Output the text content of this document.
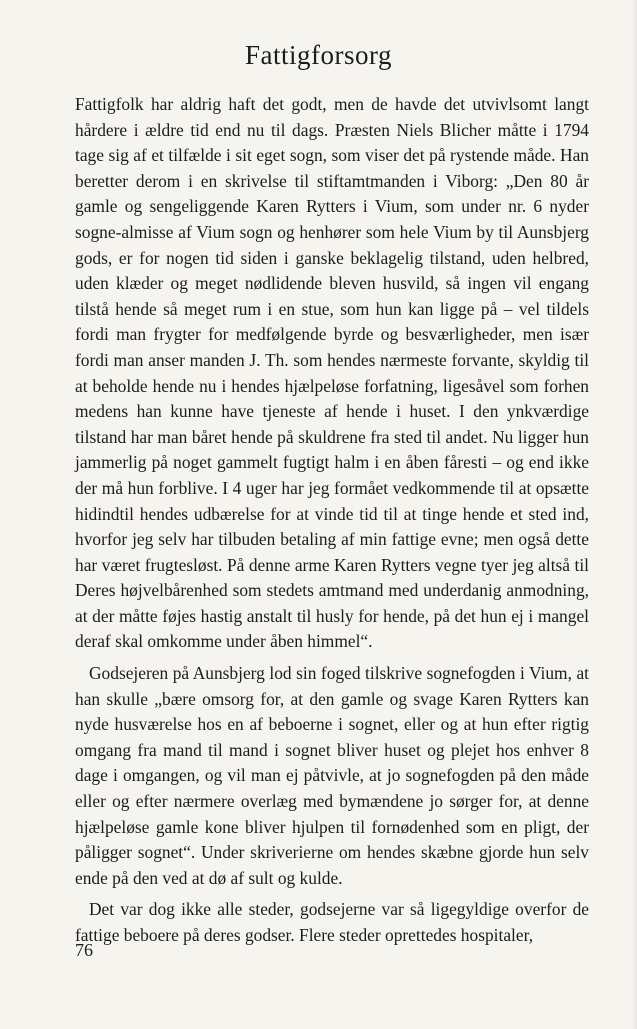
Fattigforsorg

Fattigfolk har aldrig haft det godt, men de havde det utvivlsomt langt hårdere i ældre tid end nu til dags. Præsten Niels Blicher måtte i 1794 tage sig af et tilfælde i sit eget sogn, som viser det på rystende måde. Han beretter derom i en skrivelse til stiftamtmanden i Viborg: „Den 80 år gamle og sengeliggende Karen Rytters i Vium, som under nr. 6 nyder sogne-almisse af Vium sogn og henhører som hele Vium by til Aunsbjerg gods, er for nogen tid siden i ganske beklagelig tilstand, uden helbred, uden klæder og meget nødlidende bleven husvild, så ingen vil engang tilstå hende så meget rum i en stue, som hun kan ligge på – vel tildels fordi man frygter for medfølgende byrde og besværligheder, men især fordi man anser manden J. Th. som hendes nærmeste forvante, skyldig til at beholde hende nu i hendes hjælpeløse forfatning, ligesåvel som forhen medens han kunne have tjeneste af hende i huset. I den ynkværdige tilstand har man båret hende på skuldrene fra sted til andet. Nu ligger hun jammerlig på noget gammelt fugtigt halm i en åben fåresti – og end ikke der må hun forblive. I 4 uger har jeg formået vedkommende til at opsætte hidindtil hendes udbærelse for at vinde tid til at tinge hende et sted ind, hvorfor jeg selv har tilbuden betaling af min fattige evne; men også dette har været frugtesløst. På denne arme Karen Rytters vegne tyer jeg altså til Deres højvelbårenhed som stedets amtmand med underdanig anmodning, at der måtte føjes hastig anstalt til husly for hende, på det hun ej i mangel deraf skal omkomme under åben himmel“.

Godsejeren på Aunsbjerg lod sin foged tilskrive sognefogden i Vium, at han skulle „bære omsorg for, at den gamle og svage Karen Rytters kan nyde husværelse hos en af beboerne i sognet, eller og at hun efter rigtig omgang fra mand til mand i sognet bliver huset og plejet hos enhver 8 dage i omgangen, og vil man ej påtvivle, at jo sognefogden på den måde eller og efter nærmere overlæg med bymændene jo sørger for, at denne hjælpeløse gamle kone bliver hjulpen til fornødenhed som en pligt, der påligger sognet“. Under skriverierne om hendes skæbne gjorde hun selv ende på den ved at dø af sult og kulde.

Det var dog ikke alle steder, godsejerne var så ligegyldige overfor de fattige beboere på deres godser. Flere steder oprettedes hospitaler,

76
